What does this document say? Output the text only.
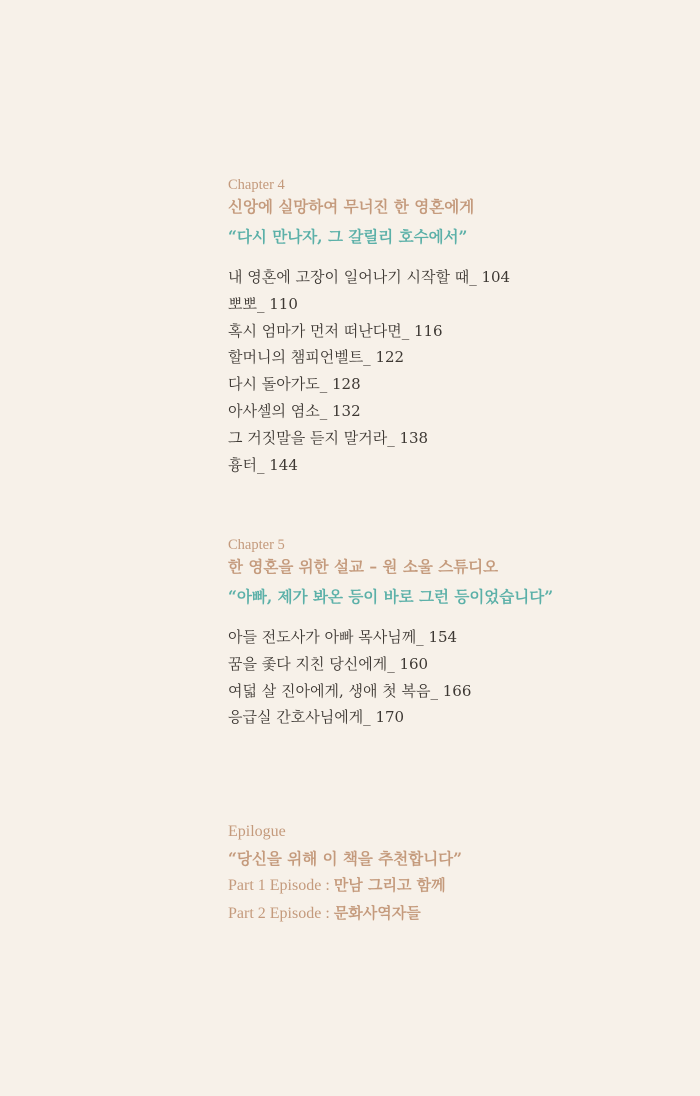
Chapter 4
신앙에 실망하여 무너진 한 영혼에게
“다시 만나자, 그 갈릴리 호수에서”
내 영혼에 고장이 일어나기 시작할 때_ 104
뽀뽀_ 110
혹시 엄마가 먼저 떠난다면_ 116
할머니의 챔피언벨트_ 122
다시 돌아가도_ 128
아사셀의 염소_ 132
그 거짓말을 듣지 말거라_ 138
흉터_ 144
Chapter 5
한 영혼을 위한 설교 – 원 소울 스튜디오
“아빠, 제가 봐온 등이 바로 그런 등이었습니다”
아들 전도사가 아빠 목사님께_ 154
꿈을 좇다 지친 당신에게_ 160
여덟 살 진아에게, 생애 첫 복음_ 166
응급실 간호사님에게_ 170
Epilogue
“당신을 위해 이 책을 추천합니다”
Part 1 Episode : 만남 그리고 함께
Part 2 Episode : 문화사역자들
